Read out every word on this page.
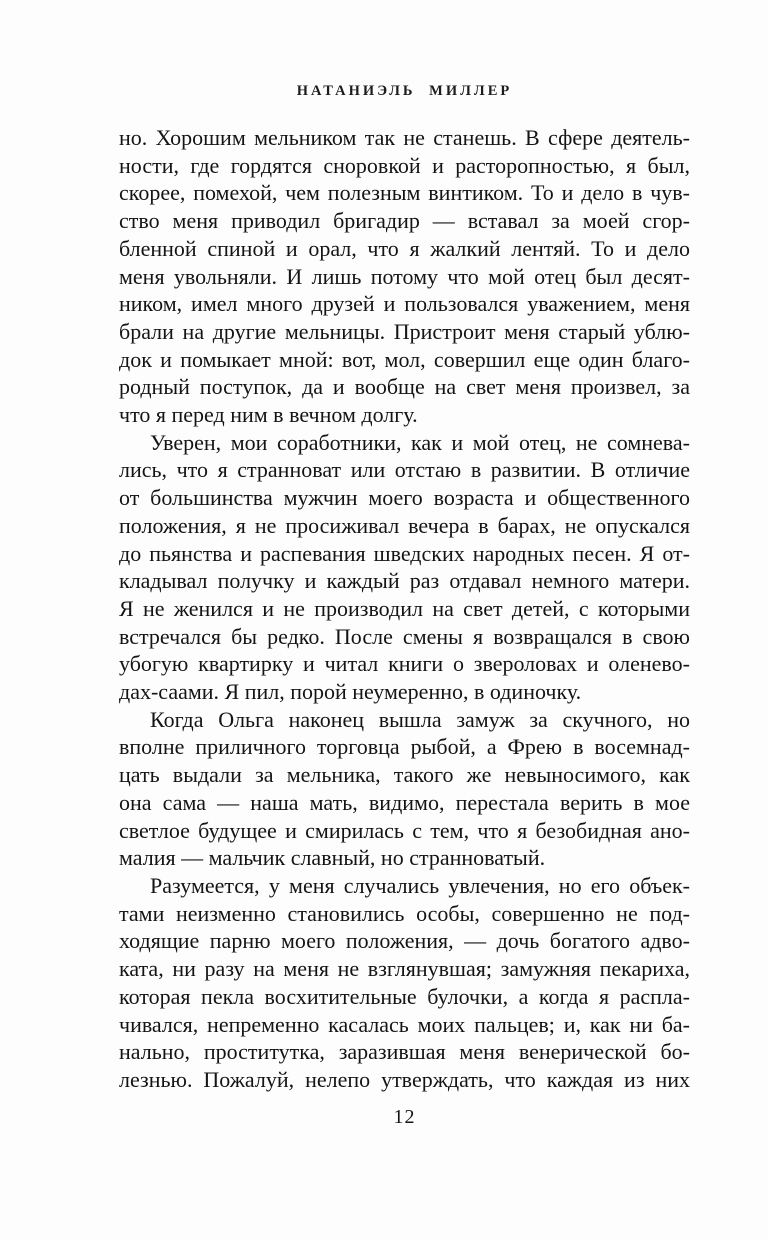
НАТАНИЭЛЬ МИЛЛЕР
но. Хорошим мельником так не станешь. В сфере деятель-
ности, где гордятся сноровкой и расторопностью, я был,
скорее, помехой, чем полезным винтиком. То и дело в чув-
ство меня приводил бригадир — вставал за моей сгор-
бленной спиной и орал, что я жалкий лентяй. То и дело
меня увольняли. И лишь потому что мой отец был десят-
ником, имел много друзей и пользовался уважением, меня
брали на другие мельницы. Пристроит меня старый ублю-
док и помыкает мной: вот, мол, совершил еще один благо-
родный поступок, да и вообще на свет меня произвел, за
что я перед ним в вечном долгу.
Уверен, мои соработники, как и мой отец, не сомнева-
лись, что я странноват или отстаю в развитии. В отличие
от большинства мужчин моего возраста и общественного
положения, я не просиживал вечера в барах, не опускался
до пьянства и распевания шведских народных песен. Я от-
кладывал получку и каждый раз отдавал немного матери.
Я не женился и не производил на свет детей, с которыми
встречался бы редко. После смены я возвращался в свою
убогую квартирку и читал книги о звероловах и оленево-
дах-саами. Я пил, порой неумеренно, в одиночку.
Когда Ольга наконец вышла замуж за скучного, но
вполне приличного торговца рыбой, а Фрею в восемнад-
цать выдали за мельника, такого же невыносимого, как
она сама — наша мать, видимо, перестала верить в мое
светлое будущее и смирилась с тем, что я безобидная ано-
малия — мальчик славный, но странноватый.
Разумеется, у меня случались увлечения, но его объек-
тами неизменно становились особы, совершенно не под-
ходящие парню моего положения, — дочь богатого адво-
ката, ни разу на меня не взглянувшая; замужняя пекариха,
которая пекла восхитительные булочки, а когда я распла-
чивался, непременно касалась моих пальцев; и, как ни ба-
нально, проститутка, заразившая меня венерической бо-
лезнью. Пожалуй, нелепо утверждать, что каждая из них
12
